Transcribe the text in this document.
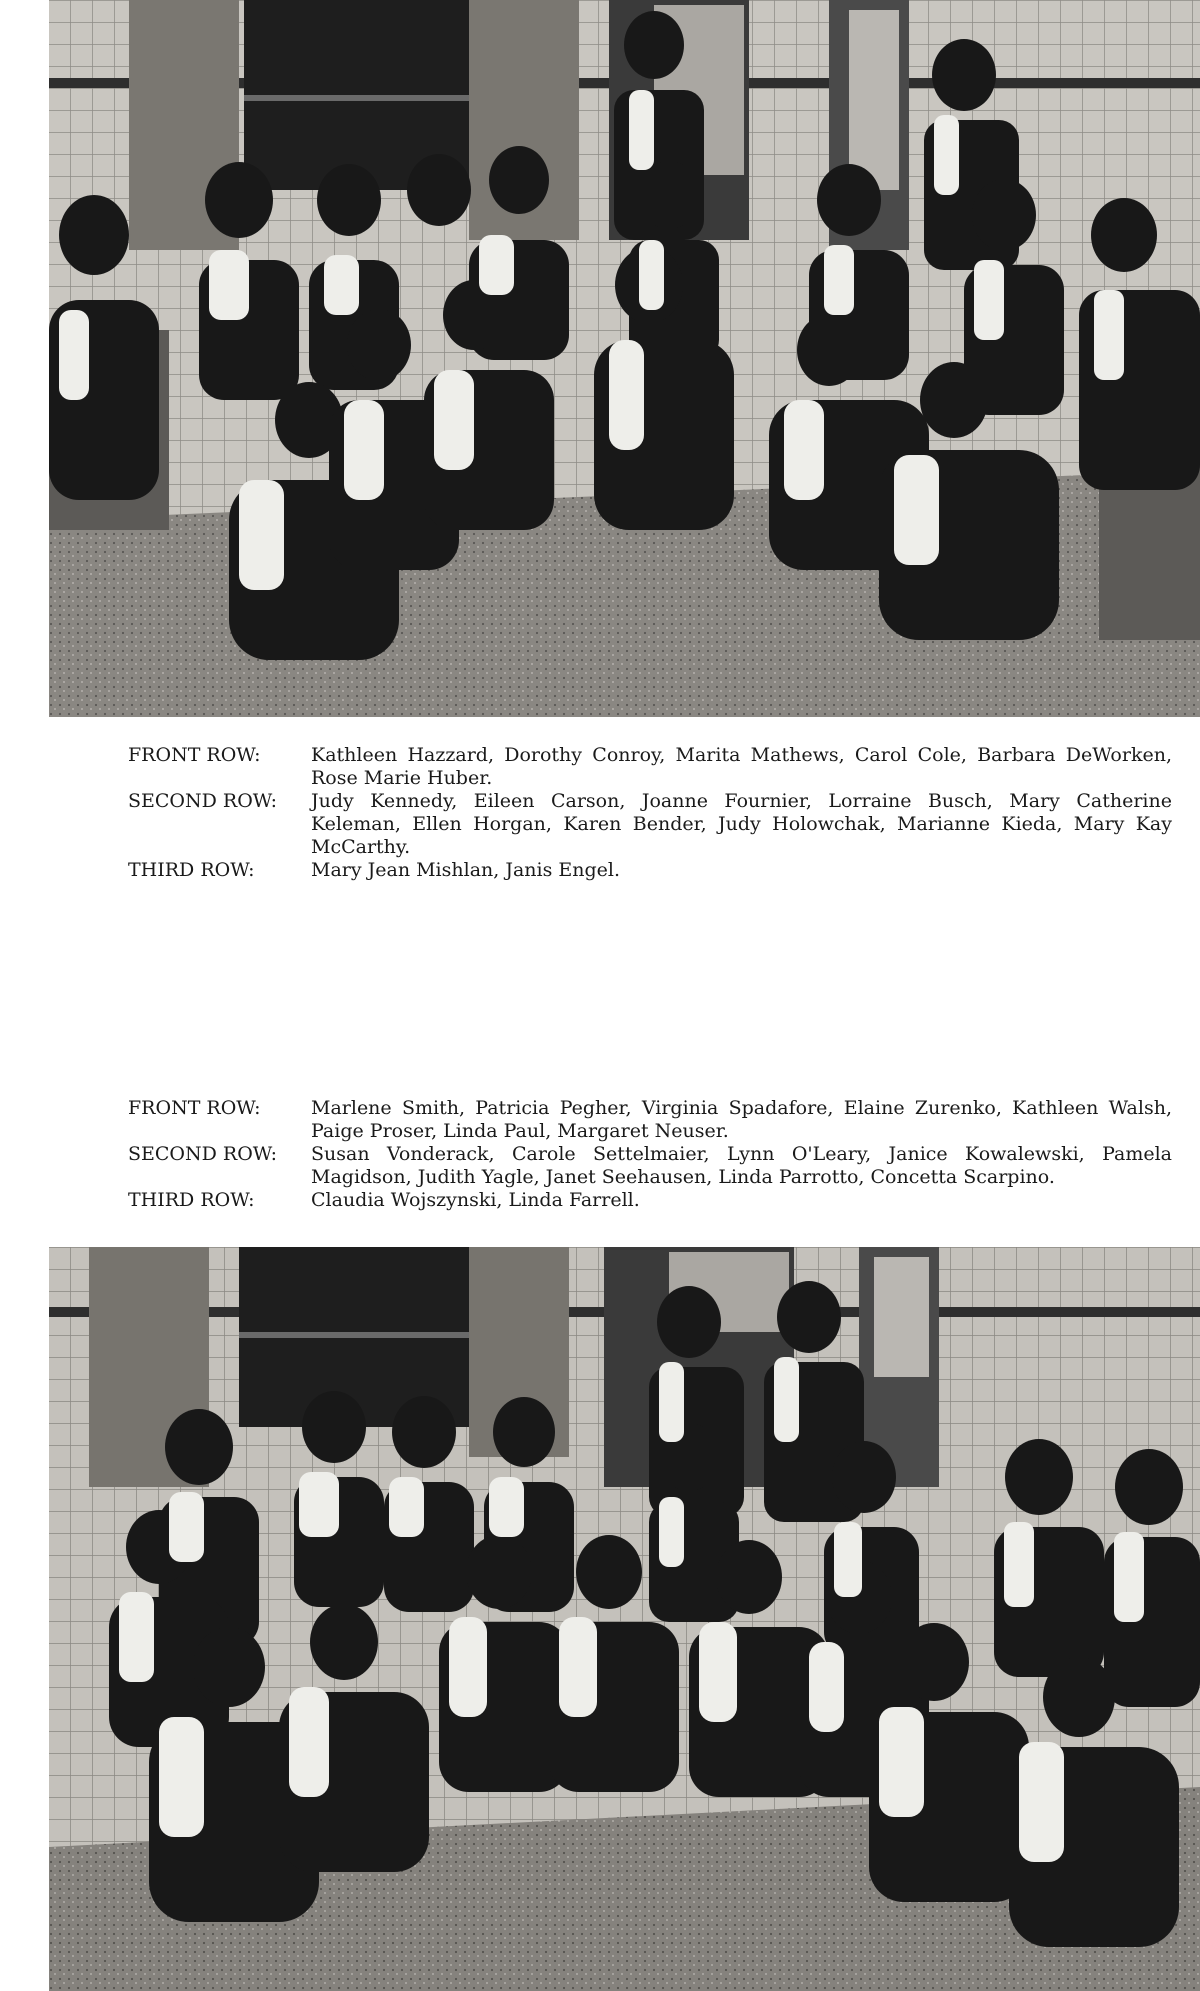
FRONT ROW:	Kathleen Hazzard, Dorothy Conroy, Marita Mathews, Carol Cole, Barbara DeWorken, Rose Marie Huber.
SECOND ROW:	Judy Kennedy, Eileen Carson, Joanne Fournier, Lorraine Busch, Mary Catherine Keleman, Ellen Horgan, Karen Bender, Judy Holowchak, Marianne Kieda, Mary Kay McCarthy.
THIRD ROW:	Mary Jean Mishlan, Janis Engel.
FRONT ROW:	Marlene Smith, Patricia Pegher, Virginia Spadafore, Elaine Zurenko, Kathleen Walsh, Paige Proser, Linda Paul, Margaret Neuser.
SECOND ROW:	Susan Vonderack, Carole Settelmaier, Lynn O'Leary, Janice Kowalewski, Pamela Magidson, Judith Yagle, Janet Seehausen, Linda Parrotto, Concetta Scarpino.
THIRD ROW:	Claudia Wojszynski, Linda Farrell.
